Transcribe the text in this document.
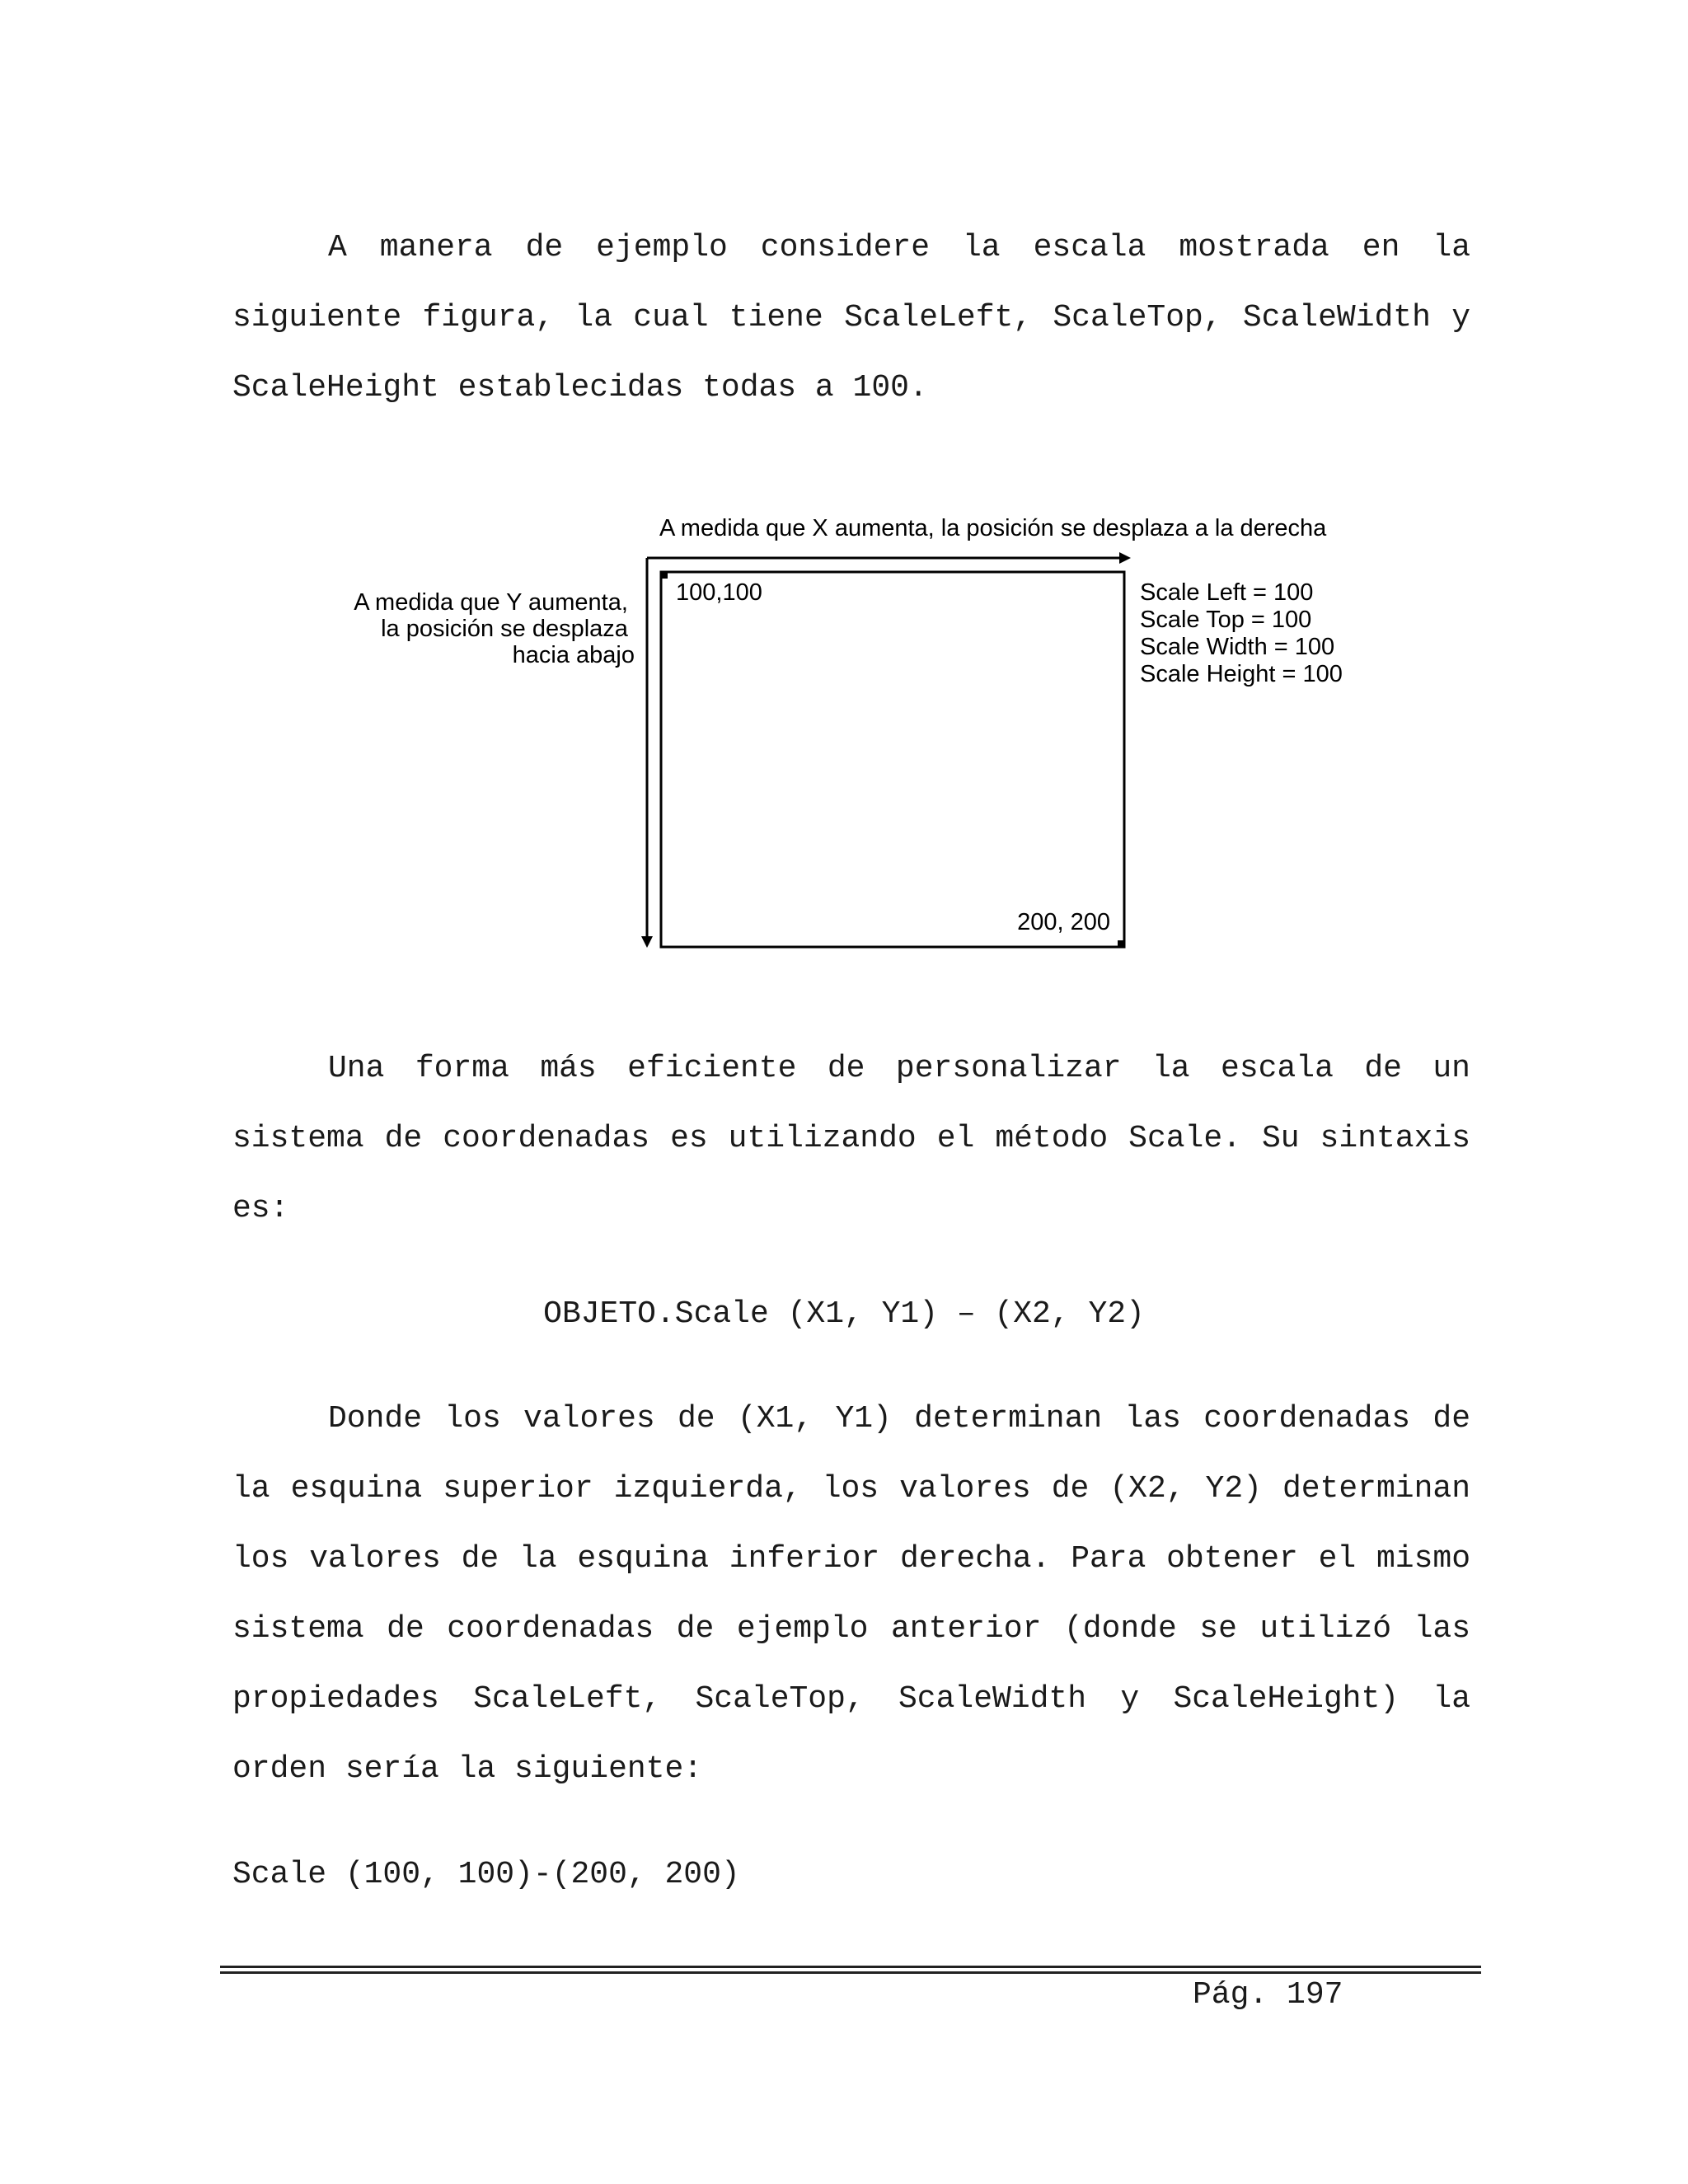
A manera de ejemplo considere la escala mostrada en la siguiente figura, la cual tiene ScaleLeft, ScaleTop, ScaleWidth y ScaleHeight establecidas todas a 100.

A medida que X aumenta, la posición se desplaza a la derecha
A medida que Y aumenta, la posición se desplaza hacia abajo
100,100
200, 200
Scale Left = 100 Scale Top = 100 Scale Width = 100 Scale Height = 100

Una forma más eficiente de personalizar la escala de un sistema de coordenadas es utilizando el método Scale. Su sintaxis es:

OBJETO.Scale (X1, Y1) – (X2, Y2)

Donde los valores de (X1, Y1) determinan las coordenadas de la esquina superior izquierda, los valores de (X2, Y2) determinan los valores de la esquina inferior derecha. Para obtener el mismo sistema de coordenadas de ejemplo anterior (donde se utilizó las propiedades ScaleLeft, ScaleTop, ScaleWidth y ScaleHeight) la orden sería la siguiente:

Scale (100, 100)-(200, 200)

Pág. 197
